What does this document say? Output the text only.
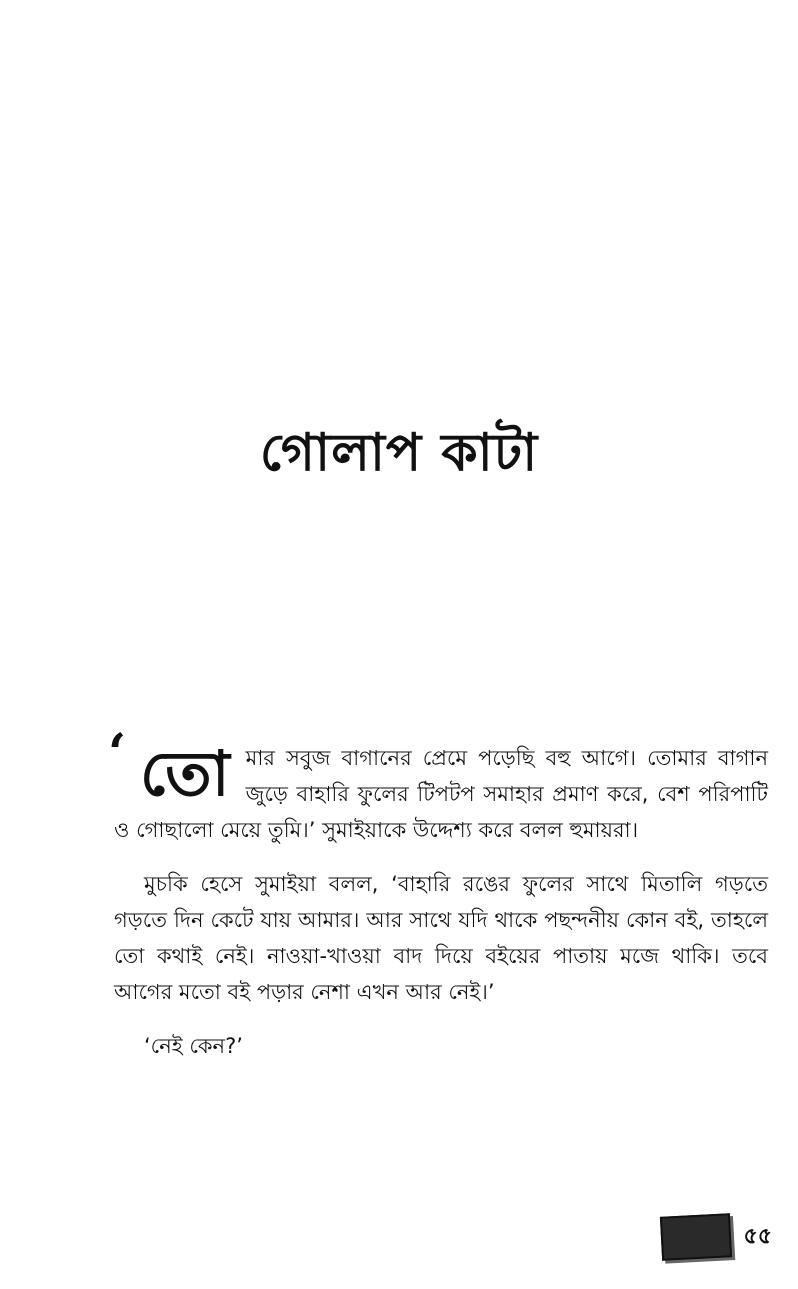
গোলাপ কাটা

‘ তো মার সবুজ বাগানের প্রেমে পড়েছি বহু আগে। তোমার বাগান জুড়ে বাহারি ফুলের টিপটপ সমাহার প্রমাণ করে, বেশ পরিপাটি ও গোছালো মেয়ে তুমি।’ সুমাইয়াকে উদ্দেশ্য করে বলল হুমায়রা।

মুচকি হেসে সুমাইয়া বলল, ‘বাহারি রঙের ফুলের সাথে মিতালি গড়তে গড়তে দিন কেটে যায় আমার। আর সাথে যদি থাকে পছন্দনীয় কোন বই, তাহলে তো কথাই নেই। নাওয়া-খাওয়া বাদ দিয়ে বইয়ের পাতায় মজে থাকি। তবে আগের মতো বই পড়ার নেশা এখন আর নেই।’

‘নেই কেন?’

৫৫
